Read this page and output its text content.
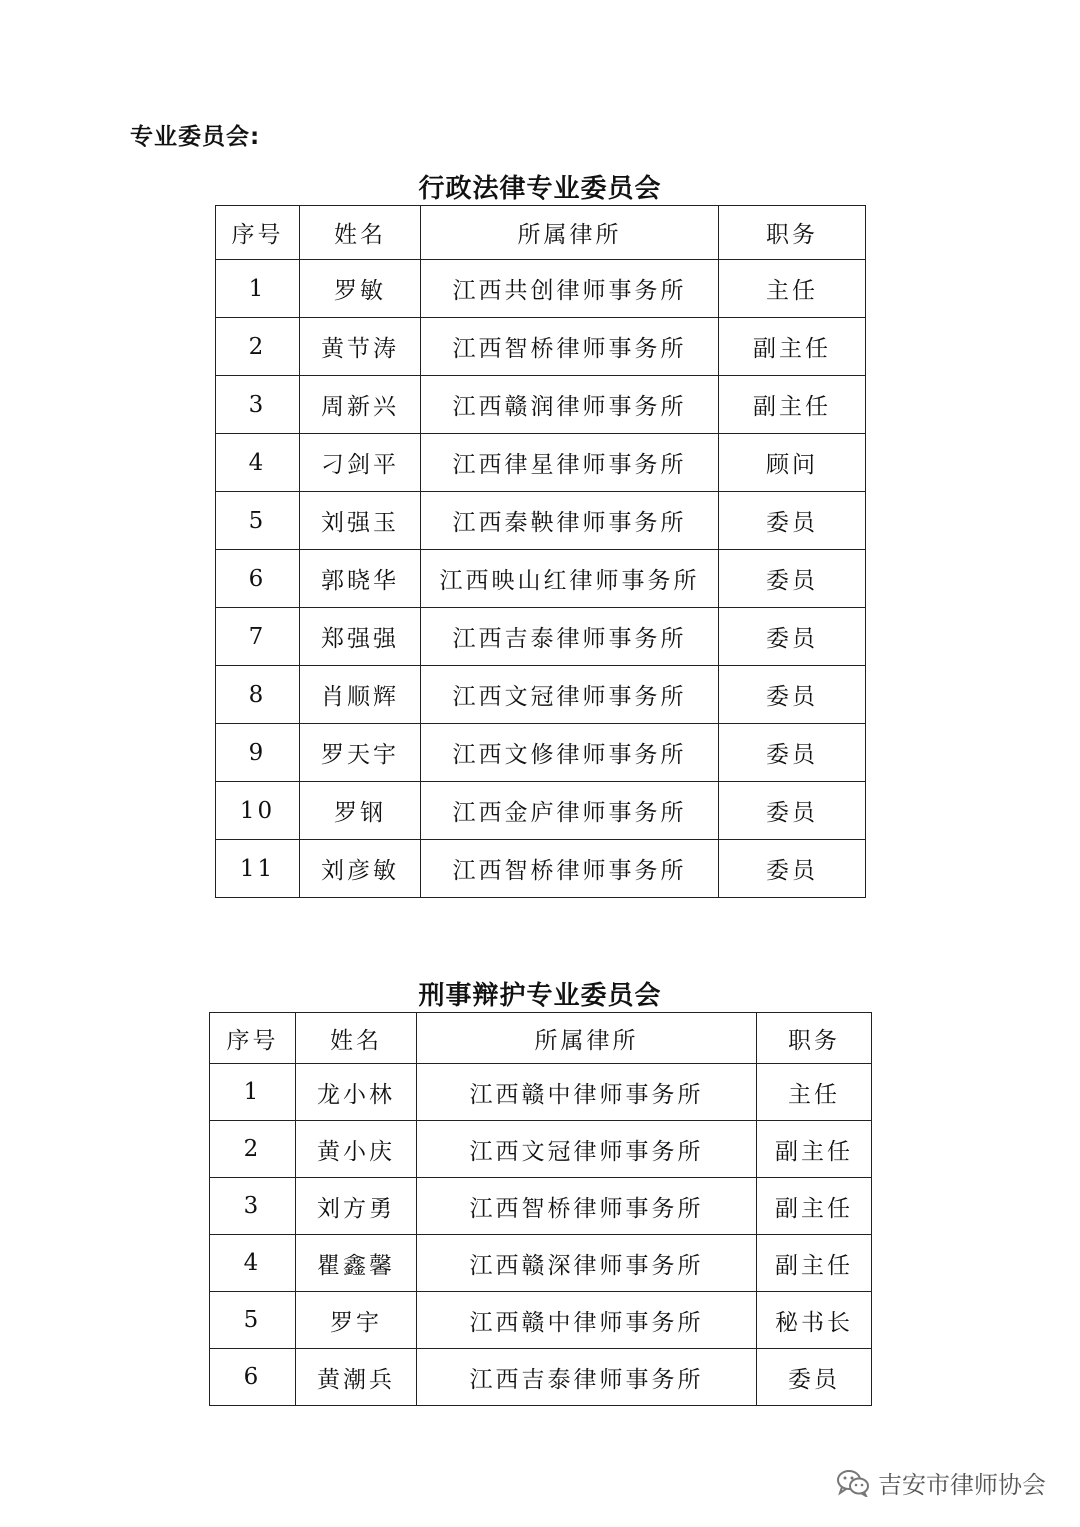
专业委员会:
行政法律专业委员会
序号	姓名	所属律所	职务
1	罗敏	江西共创律师事务所	主任
2	黄节涛	江西智桥律师事务所	副主任
3	周新兴	江西赣润律师事务所	副主任
4	刁剑平	江西律星律师事务所	顾问
5	刘强玉	江西秦鞅律师事务所	委员
6	郭晓华	江西映山红律师事务所	委员
7	郑强强	江西吉泰律师事务所	委员
8	肖顺辉	江西文冠律师事务所	委员
9	罗天宇	江西文修律师事务所	委员
10	罗钢	江西金庐律师事务所	委员
11	刘彦敏	江西智桥律师事务所	委员
刑事辩护专业委员会
序号	姓名	所属律所	职务
1	龙小林	江西赣中律师事务所	主任
2	黄小庆	江西文冠律师事务所	副主任
3	刘方勇	江西智桥律师事务所	副主任
4	瞿鑫馨	江西赣深律师事务所	副主任
5	罗宇	江西赣中律师事务所	秘书长
6	黄潮兵	江西吉泰律师事务所	委员
吉安市律师协会
